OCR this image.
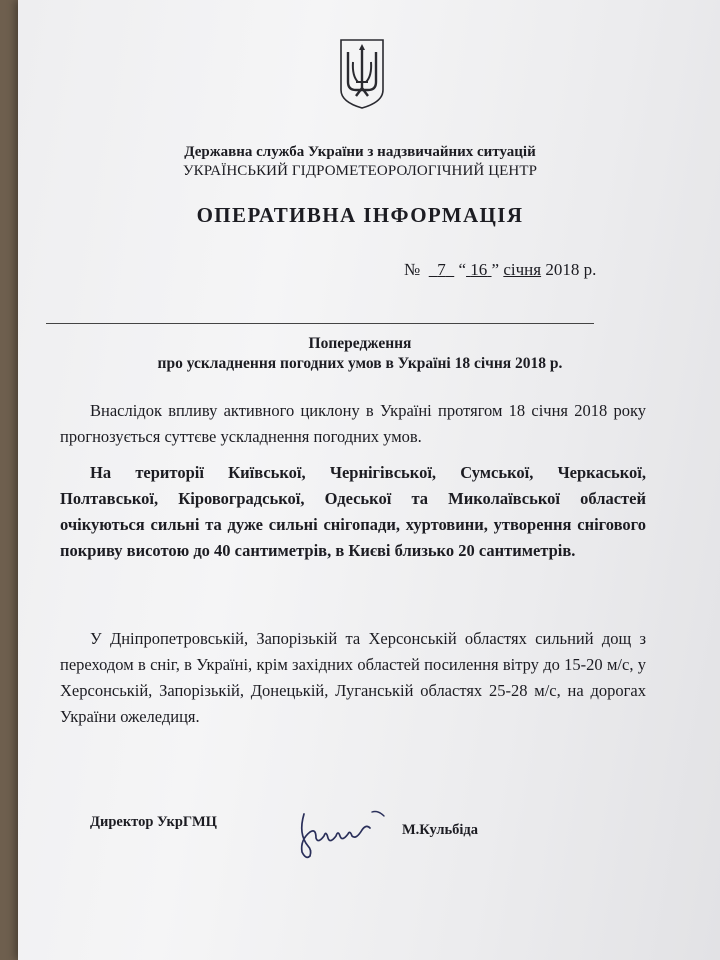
Державна служба України з надзвичайних ситуацій
УКРАЇНСЬКИЙ ГІДРОМЕТЕОРОЛОГІЧНИЙ ЦЕНТР
ОПЕРАТИВНА ІНФОРМАЦІЯ
№ 7   “ 16 ” січня 2018 р.
Попередження
про ускладнення погодних умов в Україні 18 січня 2018 р.
Внаслідок впливу активного циклону в Україні протягом 18 січня 2018 року прогнозується суттєве ускладнення погодних умов.
На території Київської, Чернігівської, Сумської, Черкаської, Полтавської, Кіровоградської, Одеської та Миколаївської областей очікуються сильні та дуже сильні снігопади, хуртовини, утворення снігового покриву висотою до 40 сантиметрів, в Києві близько 20 сантиметрів.
У Дніпропетровській, Запорізькій та Херсонській областях сильний дощ з переходом в сніг, в Україні, крім західних областей посилення вітру до 15-20 м/с, у Херсонській, Запорізькій, Донецькій, Луганській областях 25-28 м/с, на дорогах України ожеледиця.
Директор УкрГМЦ	М.Кульбіда
